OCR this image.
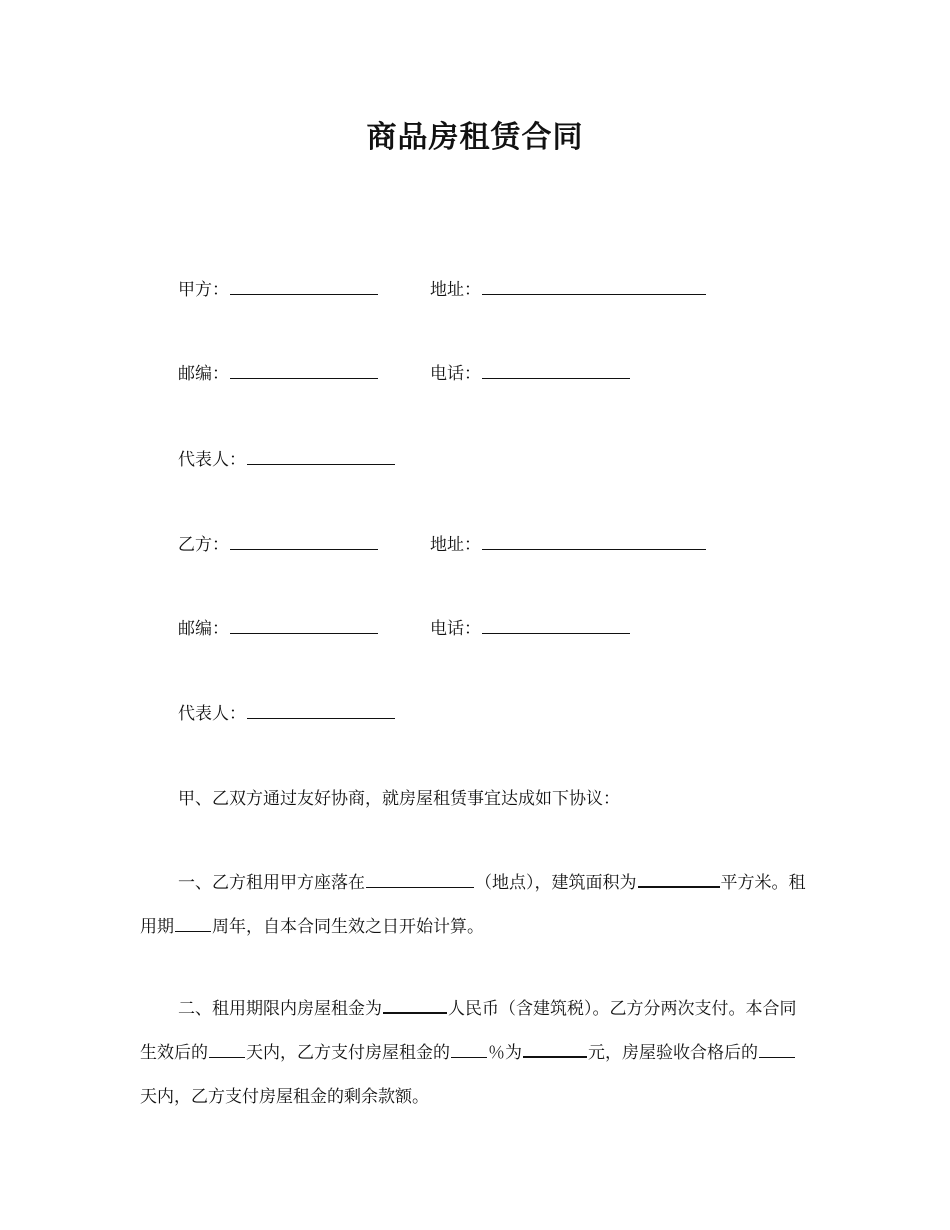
商品房租赁合同
甲方：	地址：
邮编：	电话：
代表人：
乙方：	地址：
邮编：	电话：
代表人：
甲、乙双方通过友好协商，就房屋租赁事宜达成如下协议：
一、乙方租用甲方座落在	（地点），建筑面积为	平方米。租用期 周年，自本合同生效之日开始计算。
二、租用期限内房屋租金为	人民币（含建筑税）。乙方分两次支付。本合同生效后的 天内，乙方支付房屋租金的 ％为	元，房屋验收合格后的天内，乙方支付房屋租金的剩余款额。
